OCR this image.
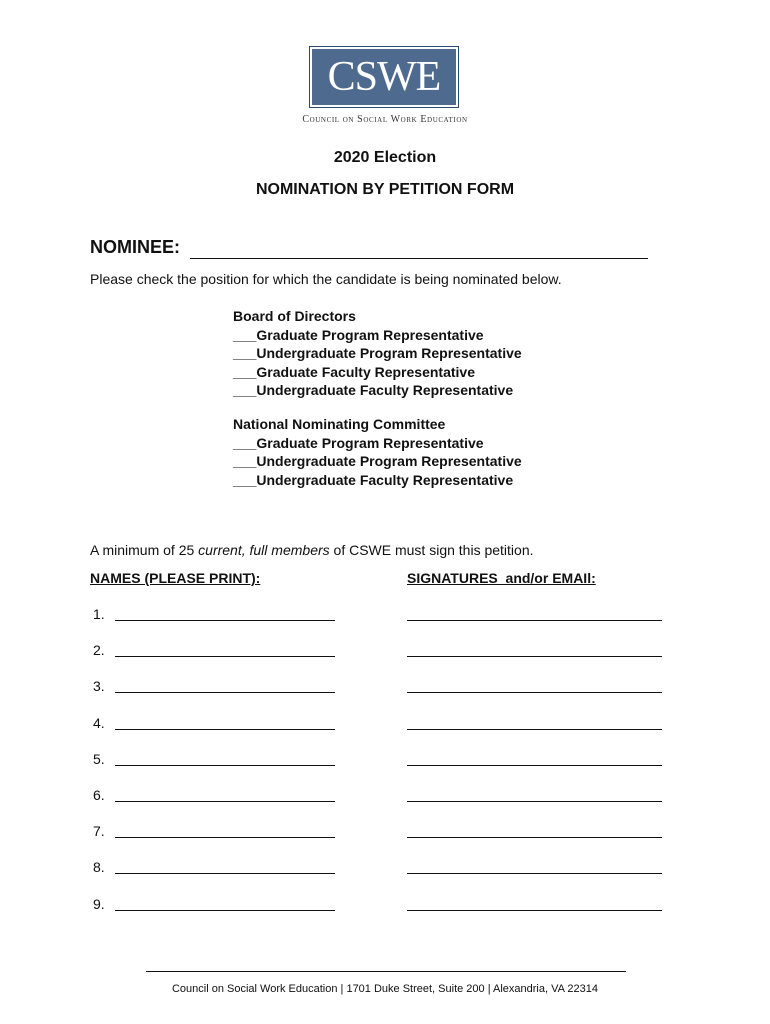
CSWE
Council on Social Work Education
2020 Election
NOMINATION BY PETITION FORM
NOMINEE:
Please check the position for which the candidate is being nominated below.
Board of Directors
___Graduate Program Representative
___Undergraduate Program Representative
___Graduate Faculty Representative
___Undergraduate Faculty Representative
National Nominating Committee
___Graduate Program Representative
___Undergraduate Program Representative
___Undergraduate Faculty Representative
A minimum of 25 current, full members of CSWE must sign this petition.
NAMES (PLEASE PRINT):	SIGNATURES  and/or EMAIl:
1.
2.
3.
4.
5.
6.
7.
8.
9.
Council on Social Work Education | 1701 Duke Street, Suite 200 | Alexandria, VA 22314
